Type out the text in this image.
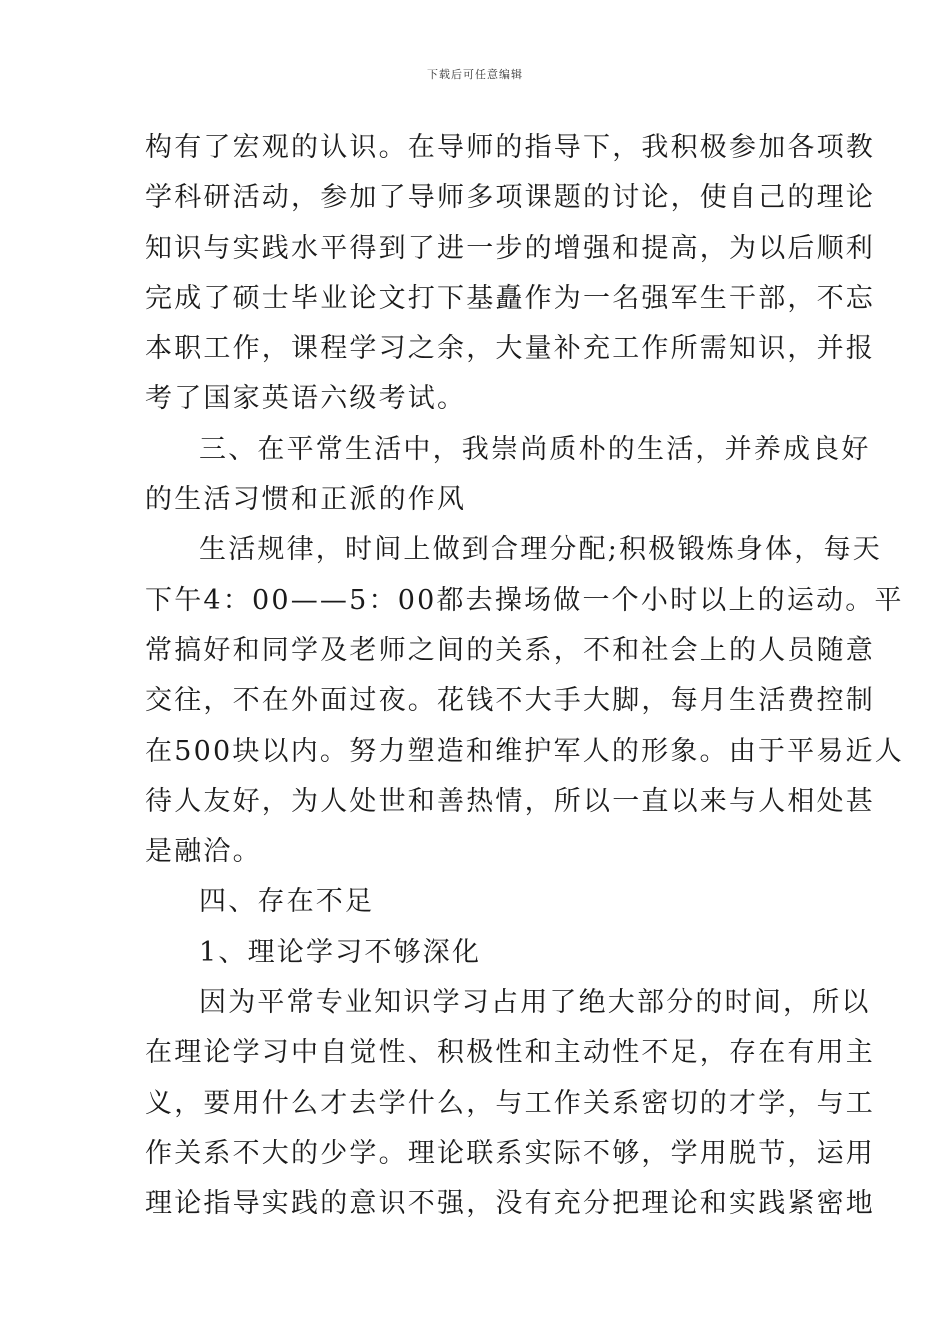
下载后可任意编辑
构有了宏观的认识。在导师的指导下，我积极参加各项教
学科研活动，参加了导师多项课题的讨论，使自己的理论
知识与实践水平得到了进一步的增强和提高，为以后顺利
完成了硕士毕业论文打下基矗作为一名强军生干部，不忘
本职工作，课程学习之余，大量补充工作所需知识，并报
考了国家英语六级考试。
三、在平常生活中，我崇尚质朴的生活，并养成良好
的生活习惯和正派的作风
生活规律，时间上做到合理分配;积极锻炼身体，每天
下午4：00——5：00都去操场做一个小时以上的运动。平
常搞好和同学及老师之间的关系，不和社会上的人员随意
交往，不在外面过夜。花钱不大手大脚，每月生活费控制
在500块以内。努力塑造和维护军人的形象。由于平易近人
待人友好，为人处世和善热情，所以一直以来与人相处甚
是融洽。
四、存在不足
1、理论学习不够深化
因为平常专业知识学习占用了绝大部分的时间，所以
在理论学习中自觉性、积极性和主动性不足，存在有用主
义，要用什么才去学什么，与工作关系密切的才学，与工
作关系不大的少学。理论联系实际不够，学用脱节，运用
理论指导实践的意识不强，没有充分把理论和实践紧密地
